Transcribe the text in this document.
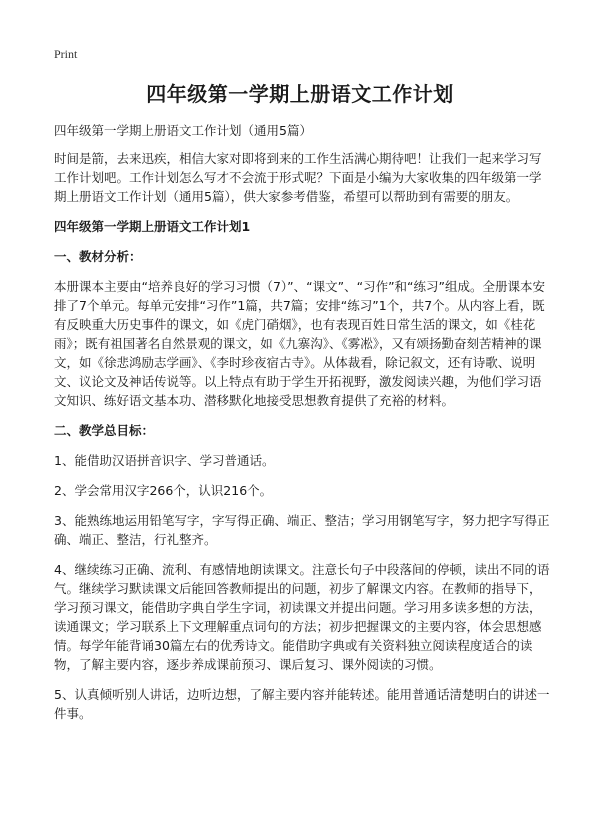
Print
四年级第一学期上册语文工作计划
四年级第一学期上册语文工作计划（通用5篇）
时间是箭，去来迅疾，相信大家对即将到来的工作生活满心期待吧！让我们一起来学习写工作计划吧。工作计划怎么写才不会流于形式呢？下面是小编为大家收集的四年级第一学期上册语文工作计划（通用5篇），供大家参考借鉴，希望可以帮助到有需要的朋友。
四年级第一学期上册语文工作计划1
一、教材分析：
本册课本主要由“培养良好的学习习惯（7）”、“课文”、“习作”和“练习”组成。全册课本安排了7个单元。每单元安排“习作”1篇，共7篇；安排“练习”1个，共7个。从内容上看，既有反映重大历史事件的课文，如《虎门硝烟》，也有表现百姓日常生活的课文，如《桂花雨》；既有祖国著名自然景观的课文，如《九寨沟》、《雾凇》，又有颂扬勤奋刻苦精神的课文，如《徐悲鸿励志学画》、《李时珍夜宿古寺》。从体裁看，除记叙文，还有诗歌、说明文、议论文及神话传说等。以上特点有助于学生开拓视野，激发阅读兴趣，为他们学习语文知识、练好语文基本功、潜移默化地接受思想教育提供了充裕的材料。
二、教学总目标：
1、能借助汉语拼音识字、学习普通话。
2、学会常用汉字266个，认识216个。
3、能熟练地运用铅笔写字，字写得正确、端正、整洁；学习用钢笔写字，努力把字写得正确、端正、整洁，行礼整齐。
4、继续练习正确、流利、有感情地朗读课文。注意长句子中段落间的停顿，读出不同的语气。继续学习默读课文后能回答教师提出的问题，初步了解课文内容。在教师的指导下，学习预习课文，能借助字典自学生字词，初读课文并提出问题。学习用多读多想的方法，读通课文；学习联系上下文理解重点词句的方法；初步把握课文的主要内容，体会思想感情。每学年能背诵30篇左右的优秀诗文。能借助字典或有关资料独立阅读程度适合的读物，了解主要内容，逐步养成课前预习、课后复习、课外阅读的习惯。
5、认真倾听别人讲话，边听边想，了解主要内容并能转述。能用普通话清楚明白的讲述一件事。
